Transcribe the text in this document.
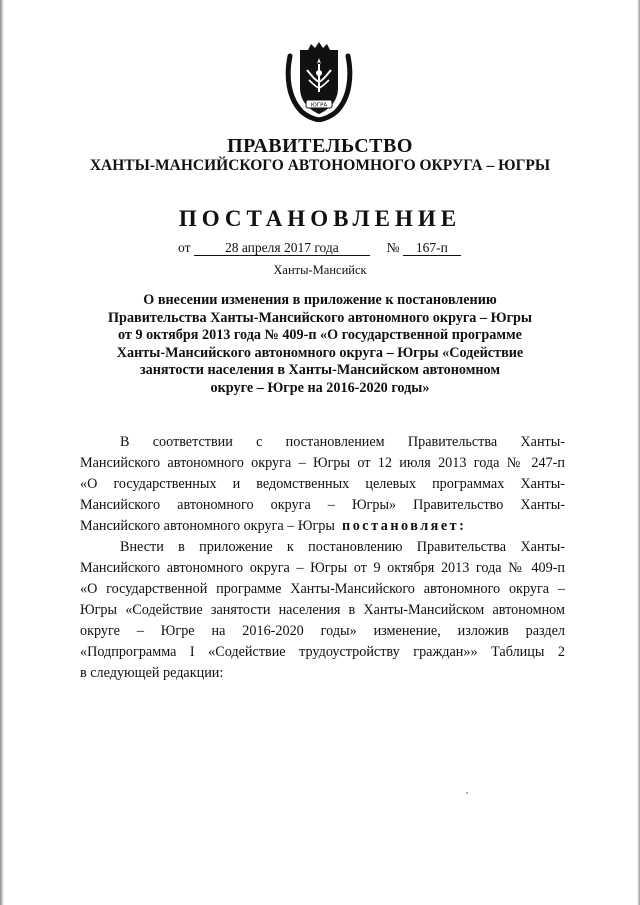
ЮГРА
ПРАВИТЕЛЬСТВО
ХАНТЫ-МАНСИЙСКОГО АВТОНОМНОГО ОКРУГА – ЮГРЫ
ПОСТАНОВЛЕНИЕ
от	28 апреля 2017 года	№ 167-п
Ханты-Мансийск

О внесении изменения в приложение к постановлению

Правительства Ханты-Мансийского автономного округа – Югры

от 9 октября 2013 года № 409-п «О государственной программе

Ханты-Мансийского автономного округа – Югры «Содействие

занятости населения в Ханты-Мансийском автономном

округе – Югре на 2016-2020 годы»

В соответствии с постановлением Правительства Ханты-
Мансийского автономного округа – Югры от 12 июля 2013 года № 247-п
«О государственных и ведомственных целевых программах Ханты-
Мансийского автономного округа – Югры» Правительство Ханты-
Мансийского автономного округа – Югры постановляет:
Внести в приложение к постановлению Правительства Ханты-
Мансийского автономного округа – Югры от 9 октября 2013 года № 409-п
«О государственной программе Ханты-Мансийского автономного округа –
Югры «Содействие занятости населения в Ханты-Мансийском автономном
округе – Югре на 2016-2020 годы» изменение, изложив раздел
«Подпрограмма I «Содействие трудоустройству граждан»» Таблицы 2
в следующей редакции:
